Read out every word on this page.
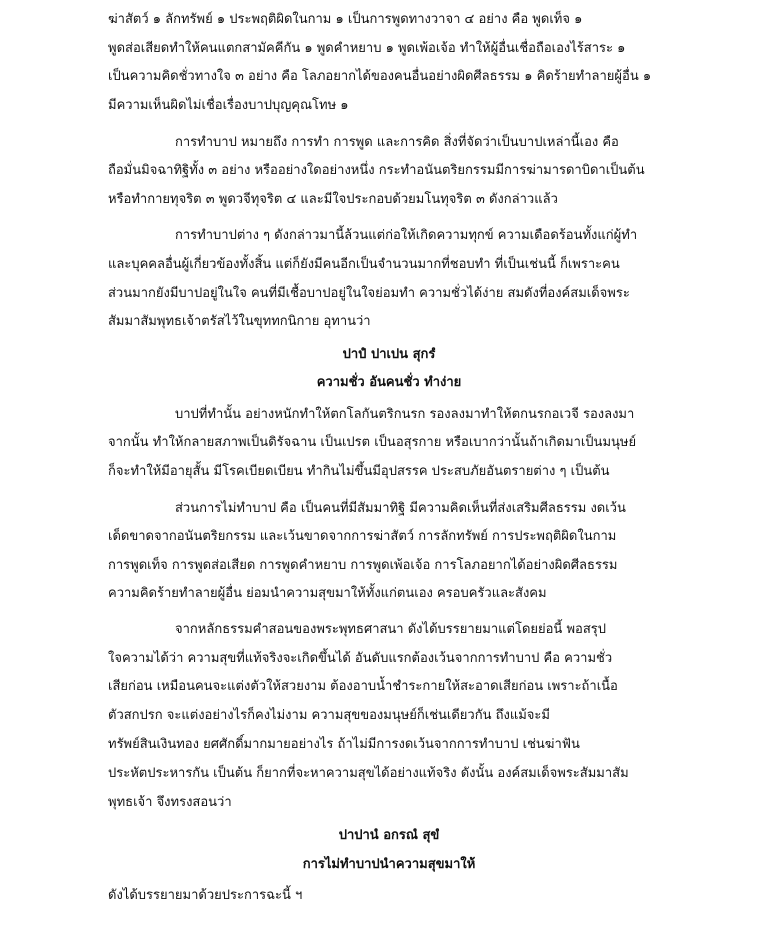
ฆ่าสัตว์ ๑ ลักทรัพย์ ๑ ประพฤติผิดในกาม ๑ เป็นการพูดทางวาจา ๔ อย่าง คือ พูดเท็จ ๑
พูดส่อเสียดทำให้คนแตกสามัคคีกัน ๑ พูดคำหยาบ ๑ พูดเพ้อเจ้อ ทำให้ผู้อื่นเชื่อถือเองไร้สาระ ๑
เป็นความคิดชั่วทางใจ ๓ อย่าง คือ โลภอยากได้ของคนอื่นอย่างผิดศีลธรรม ๑ คิดร้ายทำลายผู้อื่น ๑
มีความเห็นผิดไม่เชื่อเรื่องบาปบุญคุณโทษ ๑
การทำบาป หมายถึง การทำ การพูด และการคิด สิ่งที่จัดว่าเป็นบาปเหล่านี้เอง คือ
ถือมั่นมิจฉาทิฐิทั้ง ๓ อย่าง หรืออย่างใดอย่างหนึ่ง กระทำอนันตริยกรรมมีการฆ่ามารดาบิดาเป็นต้น
หรือทำกายทุจริต ๓ พูดวจีทุจริต ๔ และมีใจประกอบด้วยมโนทุจริต ๓ ดังกล่าวแล้ว
การทำบาปต่าง ๆ ดังกล่าวมานี้ล้วนแต่ก่อให้เกิดความทุกข์ ความเดือดร้อนทั้งแก่ผู้ทำ
และบุคคลอื่นผู้เกี่ยวข้องทั้งสิ้น แต่ก็ยังมีคนอีกเป็นจำนวนมากที่ชอบทำ ที่เป็นเช่นนี้ ก็เพราะคน
ส่วนมากยังมีบาปอยู่ในใจ คนที่มีเชื้อบาปอยู่ในใจย่อมทำ ความชั่วได้ง่าย สมดังที่องค์สมเด็จพระ
สัมมาสัมพุทธเจ้าตรัสไว้ในขุททกนิกาย อุทานว่า
ปาปํ ปาเปน สุกรํ
ความชั่ว อันคนชั่ว ทำง่าย
บาปที่ทำนั้น อย่างหนักทำให้ตกโลกันตริกนรก รองลงมาทำให้ตกนรกอเวจี รองลงมา
จากนั้น ทำให้กลายสภาพเป็นดิรัจฉาน เป็นเปรต เป็นอสุรกาย หรือเบากว่านั้นถ้าเกิดมาเป็นมนุษย์
ก็จะทำให้มีอายุสั้น มีโรคเบียดเบียน ทำกินไม่ขึ้นมีอุปสรรค ประสบภัยอันตรายต่าง ๆ เป็นต้น
ส่วนการไม่ทำบาป คือ เป็นคนที่มีสัมมาทิฐิ มีความคิดเห็นที่ส่งเสริมศีลธรรม งดเว้น
เด็ดขาดจากอนันตริยกรรม และเว้นขาดจากการฆ่าสัตว์ การลักทรัพย์ การประพฤติผิดในกาม
การพูดเท็จ การพูดส่อเสียด การพูดคำหยาบ การพูดเพ้อเจ้อ การโลภอยากได้อย่างผิดศีลธรรม
ความคิดร้ายทำลายผู้อื่น ย่อมนำความสุขมาให้ทั้งแก่ตนเอง ครอบครัวและสังคม
จากหลักธรรมคำสอนของพระพุทธศาสนา ดังได้บรรยายมาแต่โดยย่อนี้ พอสรุป
ใจความได้ว่า ความสุขที่แท้จริงจะเกิดขึ้นได้ อันดับแรกต้องเว้นจากการทำบาป คือ ความชั่ว
เสียก่อน เหมือนคนจะแต่งตัวให้สวยงาม ต้องอาบน้ำชำระกายให้สะอาดเสียก่อน เพราะถ้าเนื้อ
ตัวสกปรก จะแต่งอย่างไรก็คงไม่งาม ความสุขของมนุษย์ก็เช่นเดียวกัน ถึงแม้จะมี
ทรัพย์สินเงินทอง ยศศักดิ์มากมายอย่างไร ถ้าไม่มีการงดเว้นจากการทำบาป เช่นฆ่าฟัน
ประหัตประหารกัน เป็นต้น ก็ยากที่จะหาความสุขได้อย่างแท้จริง ดังนั้น องค์สมเด็จพระสัมมาสัม
พุทธเจ้า จึงทรงสอนว่า
ปาปานํ อกรณํ สุขํ
การไม่ทำบาปนำความสุขมาให้
ดังได้บรรยายมาด้วยประการฉะนี้ ฯ
